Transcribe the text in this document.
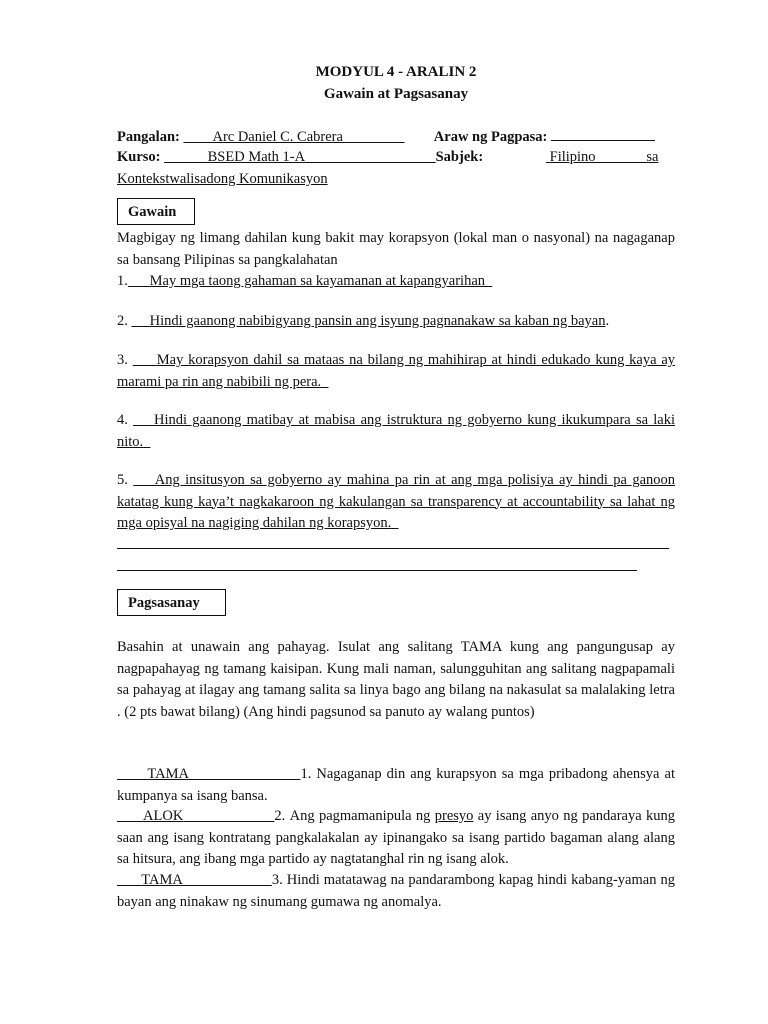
MODYUL 4 - ARALIN 2
Gawain at Pagsasanay
Pangalan: Arc Daniel C. Cabrera	Araw ng Pagpasa:
Kurso:	BSED Math 1-A	Sabjek:	Filipino	sa
Kontekstwalisadong Komunikasyon
Gawain
Magbigay ng limang dahilan kung bakit may korapsyon (lokal man o nasyonal) na nagaganap sa bansang Pilipinas sa pangkalahatan
1. May mga taong gahaman sa kayamanan at kapangyarihan
2. Hindi gaanong nabibigyang pansin ang isyung pagnanakaw sa kaban ng bayan.
3. May korapsyon dahil sa mataas na bilang ng mahihirap at hindi edukado kung kaya ay marami pa rin ang nabibili ng pera.
4. Hindi gaanong matibay at mabisa ang istruktura ng gobyerno kung ikukumpara sa laki nito.
5. Ang insitusyon sa gobyerno ay mahina pa rin at ang mga polisiya ay hindi pa ganoon katatag kung kaya’t nagkakaroon ng kakulangan sa transparency at accountability sa lahat ng mga opisyal na nagiging dahilan ng korapsyon.
Pagsasanay
Basahin at unawain ang pahayag. Isulat ang salitang TAMA kung ang pangungusap ay nagpapahayag ng tamang kaisipan. Kung mali naman, salungguhitan ang salitang nagpapamali sa pahayag at ilagay ang tamang salita sa linya bago ang bilang na nakasulat sa malalaking letra . (2 pts bawat bilang) (Ang hindi pagsunod sa panuto ay walang puntos)
TAMA	1. Nagaganap din ang kurapsyon sa mga pribadong ahensya at kumpanya sa isang bansa.
ALOK	2. Ang pagmamanipula ng presyo ay isang anyo ng pandaraya kung saan ang isang kontratang pangkalakalan ay ipinangako sa isang partido bagaman alang alang sa hitsura, ang ibang mga partido ay nagtatanghal rin ng isang alok.
TAMA	3. Hindi matatawag na pandarambong kapag hindi kabang-yaman ng bayan ang ninakaw ng sinumang gumawa ng anomalya.
